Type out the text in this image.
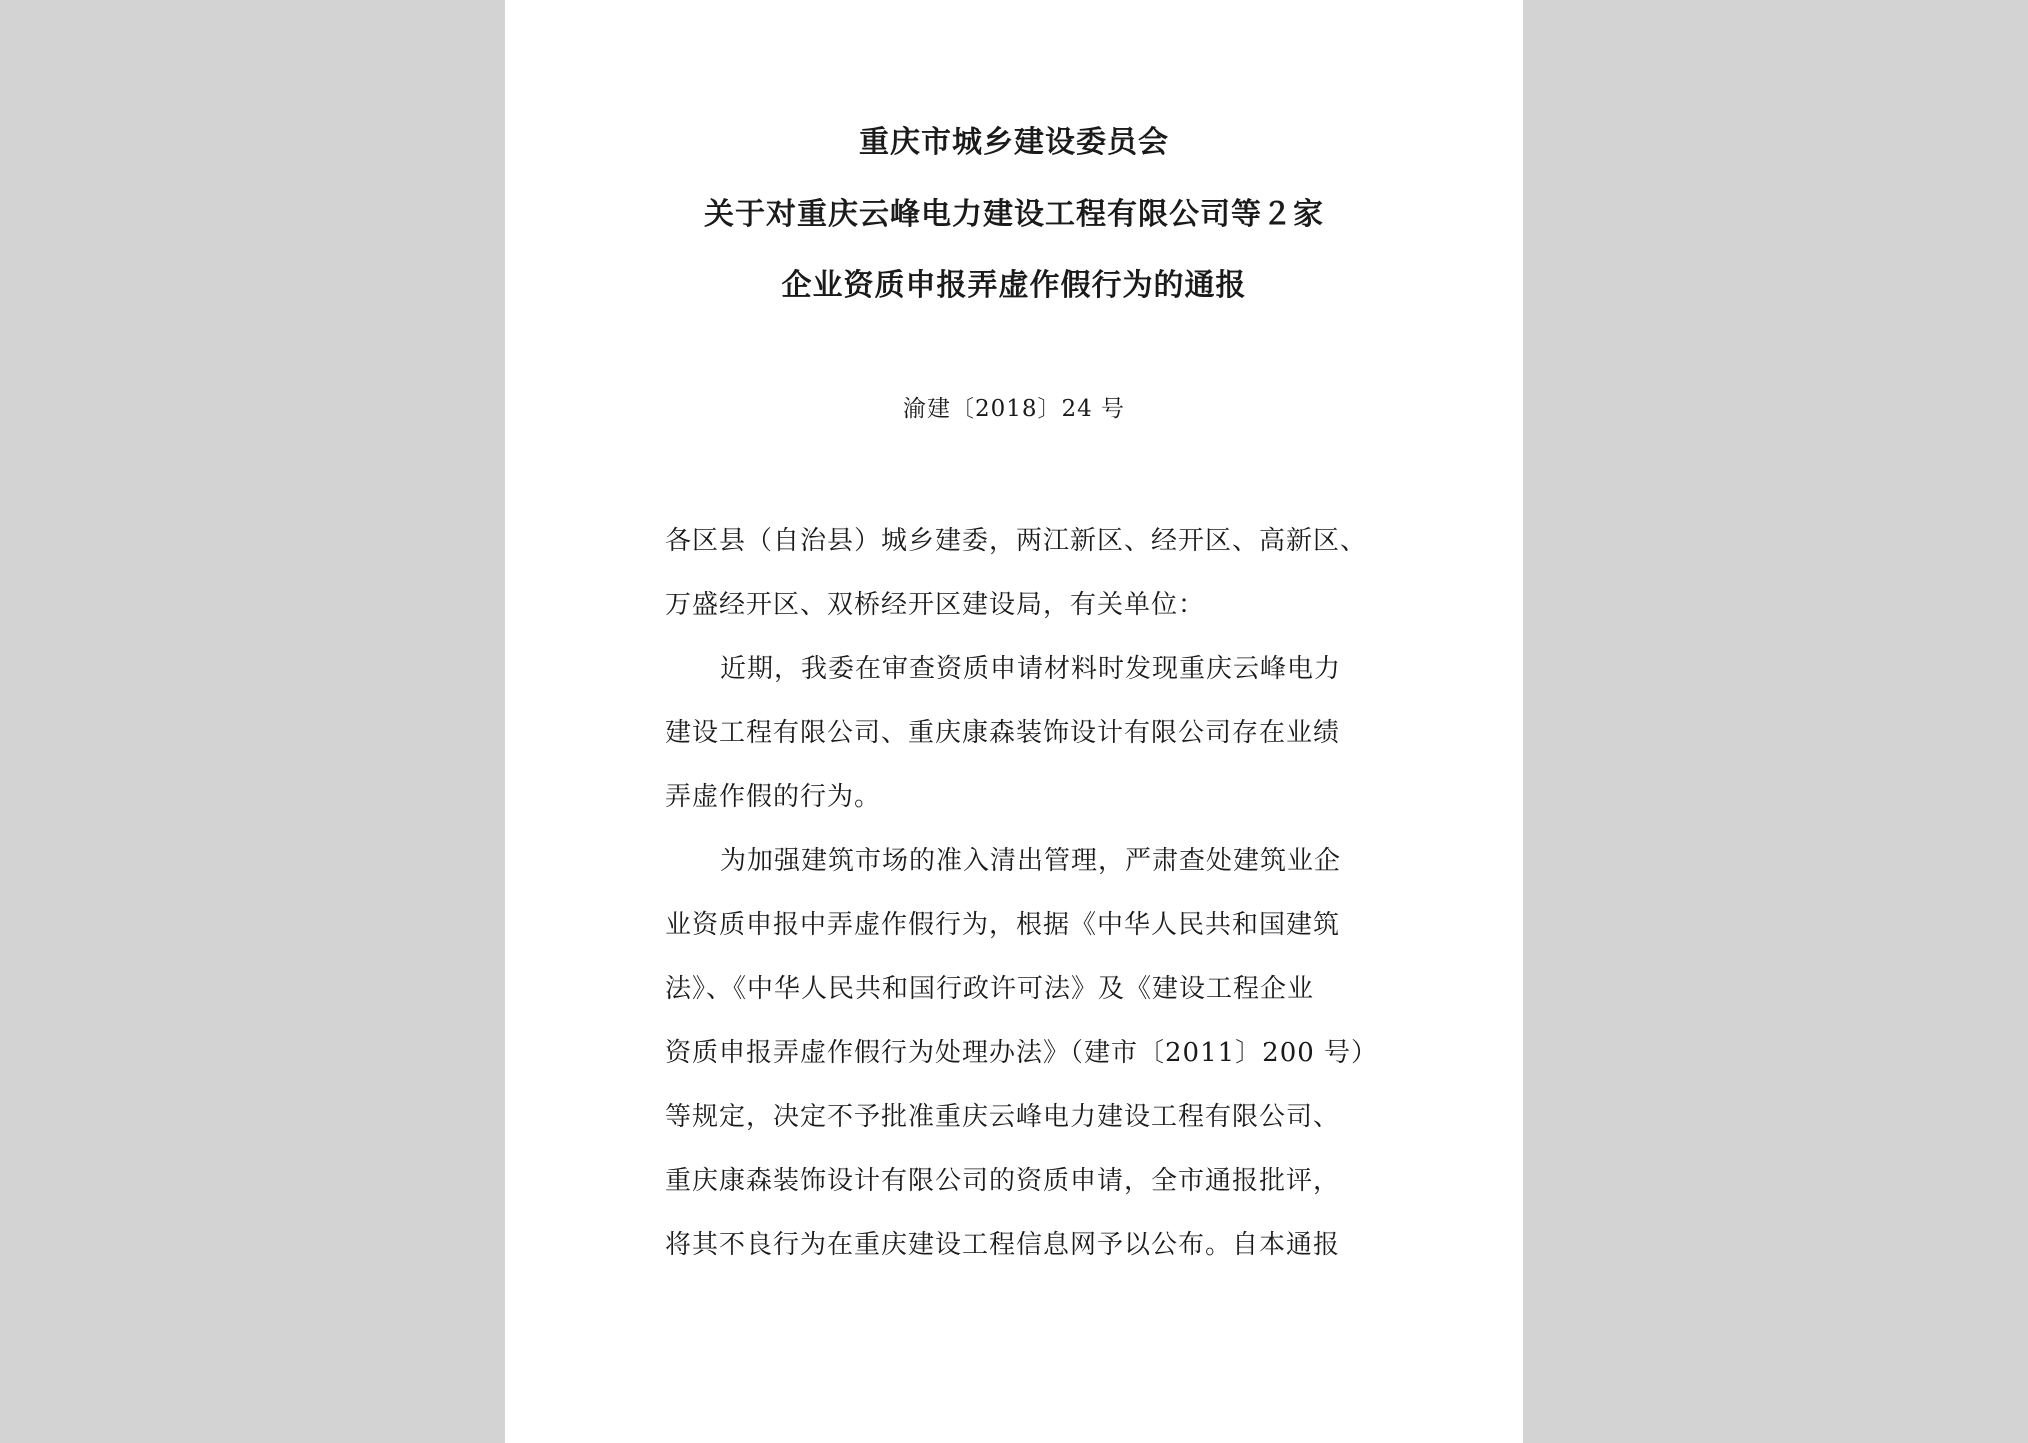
重庆市城乡建设委员会
关于对重庆云峰电力建设工程有限公司等２家
企业资质申报弄虚作假行为的通报
渝建〔2018〕24 号
各区县（自治县）城乡建委，两江新区、经开区、高新区、
万盛经开区、双桥经开区建设局，有关单位：
近期，我委在审查资质申请材料时发现重庆云峰电力
建设工程有限公司、重庆康森装饰设计有限公司存在业绩
弄虚作假的行为。
为加强建筑市场的准入清出管理，严肃查处建筑业企
业资质申报中弄虚作假行为，根据《中华人民共和国建筑
法》、《中华人民共和国行政许可法》及《建设工程企业
资质申报弄虚作假行为处理办法》（建市〔2011〕200 号）
等规定，决定不予批准重庆云峰电力建设工程有限公司、
重庆康森装饰设计有限公司的资质申请，全市通报批评，
将其不良行为在重庆建设工程信息网予以公布。自本通报
